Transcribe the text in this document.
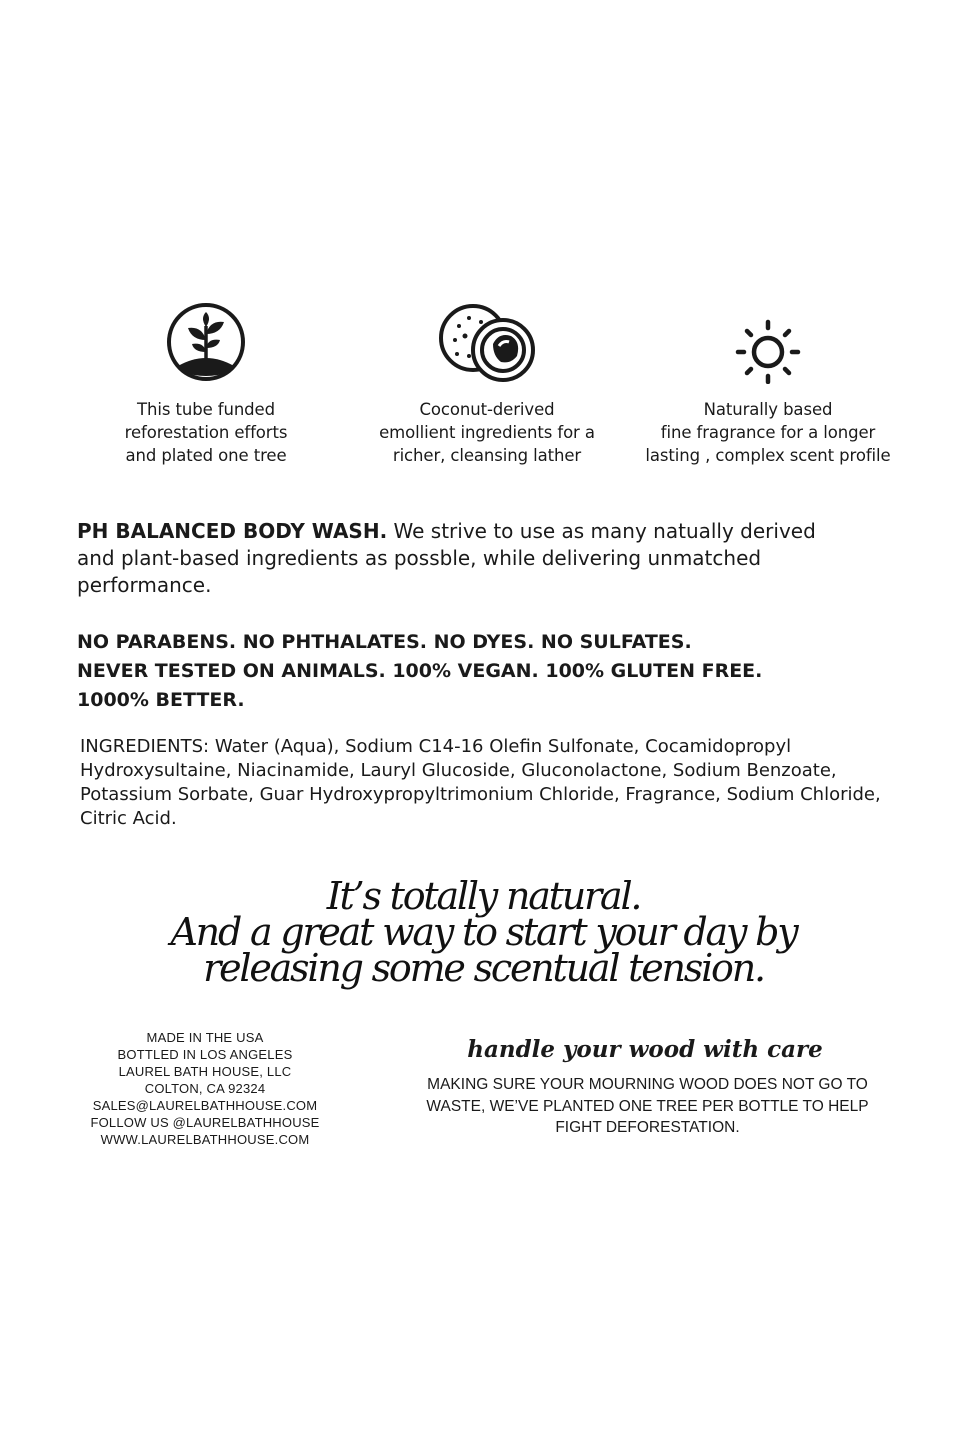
This tube funded
reforestation efforts
and plated one tree
Coconut-derived
emollient ingredients for a
richer, cleansing lather
Naturally based
fine fragrance for a longer
lasting , complex scent profile

PH BALANCED BODY WASH. We strive to use as many natually derived and plant-based ingredients as possble, while delivering unmatched performance.

NO PARABENS. NO PHTHALATES. NO DYES. NO SULFATES.
NEVER TESTED ON ANIMALS. 100% VEGAN. 100% GLUTEN FREE.
1000% BETTER.

INGREDIENTS: Water (Aqua), Sodium C14-16 Olefin Sulfonate, Cocamidopropyl Hydroxysultaine, Niacinamide, Lauryl Glucoside, Gluconolactone, Sodium Benzoate, Potassium Sorbate, Guar Hydroxypropyltrimonium Chloride, Fragrance, Sodium Chloride, Citric Acid.

It’s totally natural.
And a great way to start your day by
releasing some scentual tension.
MADE IN THE USA
BOTTLED IN LOS ANGELES
LAUREL BATH HOUSE, LLC
COLTON, CA 92324
SALES@LAURELBATHHOUSE.COM
FOLLOW US @LAURELBATHHOUSE
WWW.LAURELBATHHOUSE.COM
handle your wood with care
MAKING SURE YOUR MOURNING WOOD DOES NOT GO TO WASTE, WE’VE PLANTED ONE TREE PER BOTTLE TO HELP FIGHT DEFORESTATION.
